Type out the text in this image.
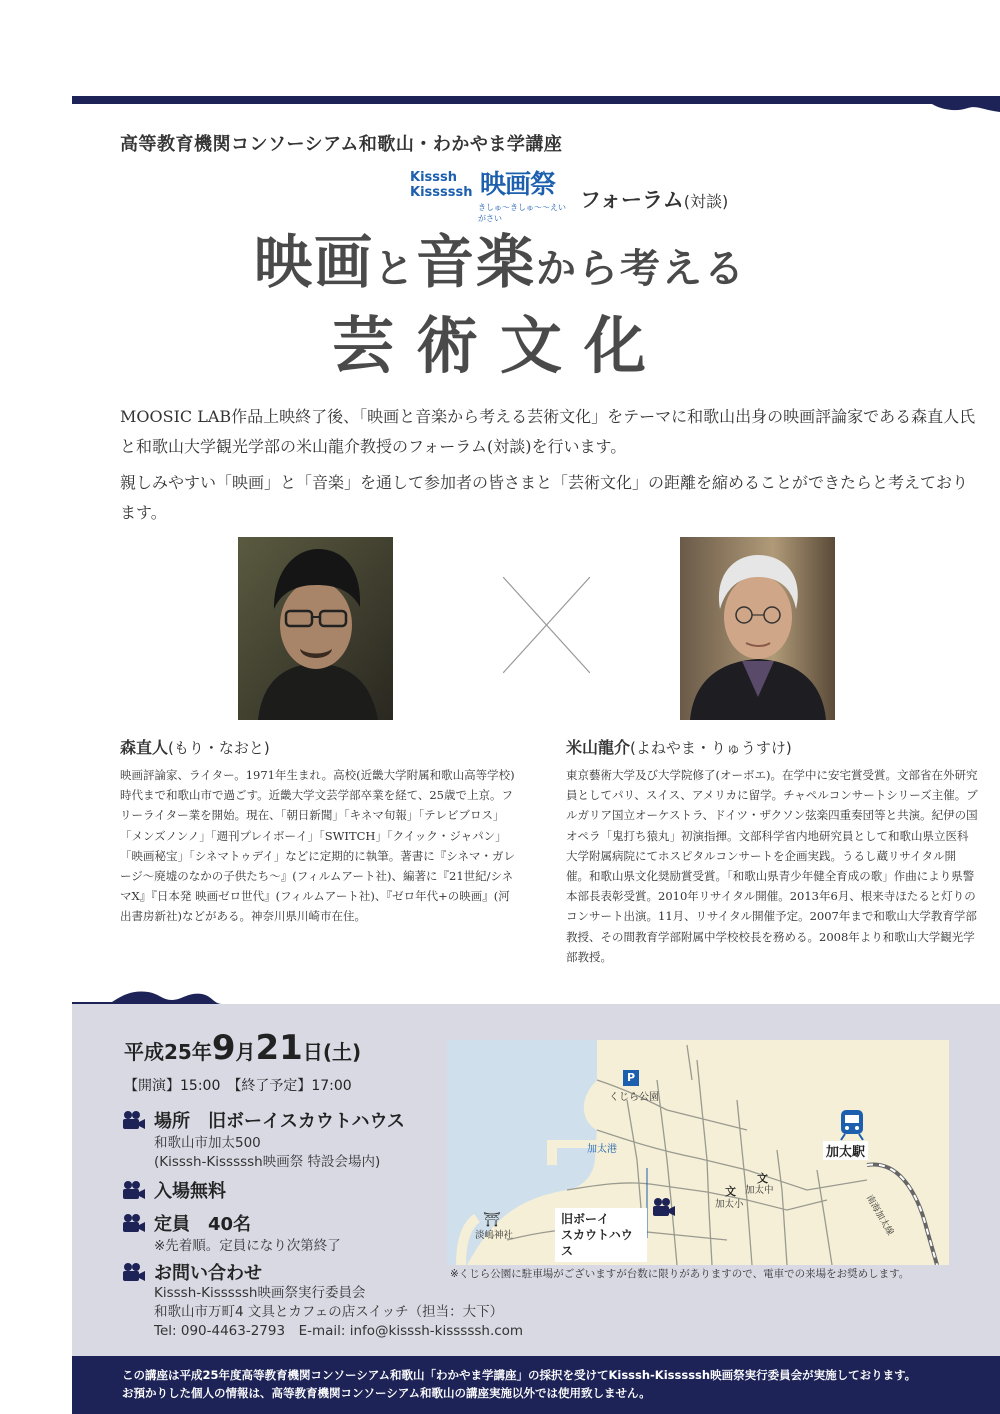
高等教育機関コンソーシアム和歌山・わかやま学講座
Kisssh
Kisssssh 映画祭
きしゅ〜きしゅ〜〜えいがさい
フォーラム(対談)
映画と音楽から考える
芸術文化

MOOSIC LAB作品上映終了後、「映画と音楽から考える芸術文化」をテーマに和歌山出身の映画評論家である森直人氏と和歌山大学観光学部の米山龍介教授のフォーラム(対談)を行います。

親しみやすい「映画」と「音楽」を通して参加者の皆さまと「芸術文化」の距離を縮めることができたらと考えております。

森直人(もり・なおと)

映画評論家、ライター。1971年生まれ。高校(近畿大学附属和歌山高等学校)時代まで和歌山市で過ごす。近畿大学文芸学部卒業を経て、25歳で上京。フリーライター業を開始。現在、「朝日新聞」「キネマ旬報」「テレビブロス」「メンズノンノ」「週刊プレイボーイ」「SWITCH」「クイック・ジャパン」「映画秘宝」「シネマトゥデイ」などに定期的に執筆。著書に『シネマ・ガレージ～廃墟のなかの子供たち～』(フィルムアート社)、編著に『21世紀/シネマX』『日本発 映画ゼロ世代』(フィルムアート社)、『ゼロ年代+の映画』(河出書房新社)などがある。神奈川県川崎市在住。

米山龍介(よねやま・りゅうすけ)

東京藝術大学及び大学院修了(オーボエ)。在学中に安宅賞受賞。文部省在外研究員としてパリ、スイス、アメリカに留学。チャペルコンサートシリーズ主催。ブルガリア国立オーケストラ、ドイツ・ザクソン弦楽四重奏団等と共演。紀伊の国オペラ「鬼打ち猿丸」初演指揮。文部科学省内地研究員として和歌山県立医科大学附属病院にてホスピタルコンサートを企画実践。うるし蔵リサイタル開催。和歌山県文化奨励賞受賞。「和歌山県青少年健全育成の歌」作曲により県警本部長表彰受賞。2010年リサイタル開催。2013年6月、根来寺ほたると灯りのコンサート出演。11月、リサイタル開催予定。2007年まで和歌山大学教育学部教授、その間教育学部附属中学校校長を務める。2008年より和歌山大学観光学部教授。

平成25年9月21日(土)
【開演】15:00　【終了予定】17:00
場所　旧ボーイスカウトハウス
和歌山市加太500
(Kisssh-Kisssssh映画祭 特設会場内)
入場無料
定員　40名
※先着順。定員になり次第終了
お問い合わせ
Kisssh-Kisssssh映画祭実行委員会
和歌山市万町4 文具とカフェの店スイッチ（担当：大下）
Tel: 090-4463-2793　E-mail: info@kisssh-kisssssh.com
P
くじら公園
加太港	加太駅
南海加太線
文
加太中
文
加太小
⛩
淡嶋神社
旧ボーイ
スカウトハウス
※くじら公園に駐車場がございますが台数に限りがありますので、電車での来場をお奨めします。
この講座は平成25年度高等教育機関コンソーシアム和歌山「わかやま学講座」の採択を受けてKisssh-Kisssssh映画祭実行委員会が実施しております。
お預かりした個人の情報は、高等教育機関コンソーシアム和歌山の講座実施以外では使用致しません。
